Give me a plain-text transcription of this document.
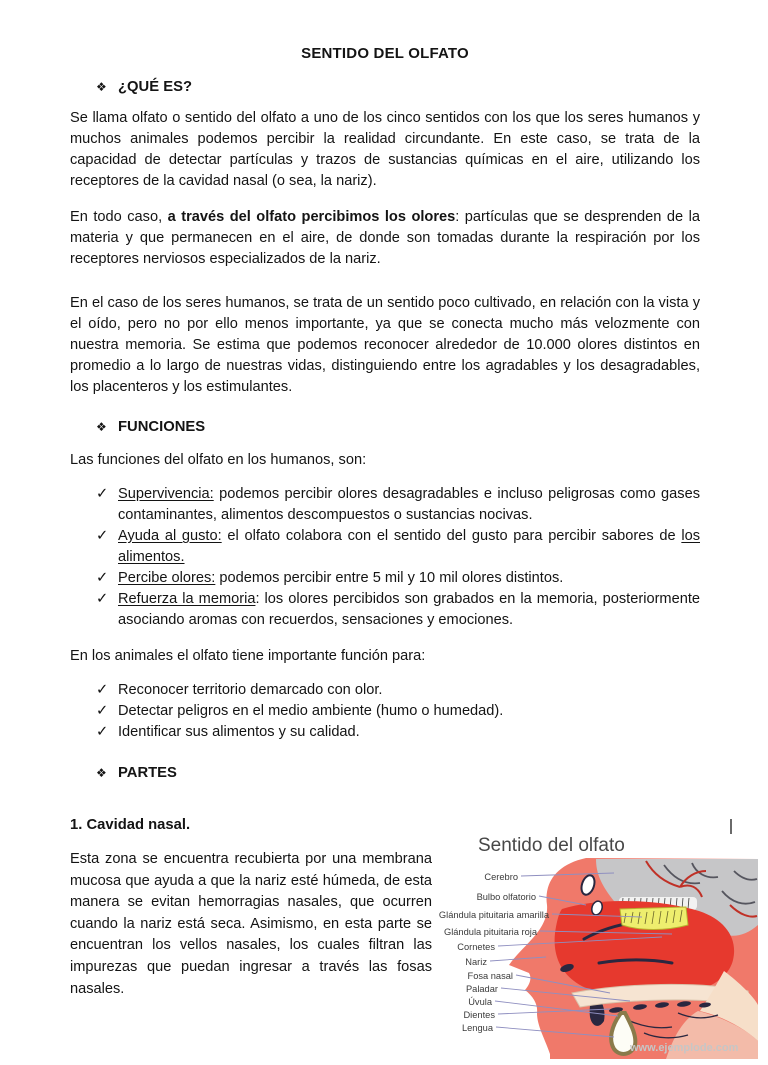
SENTIDO DEL OLFATO
❖ ¿QUÉ ES?

Se llama olfato o sentido del olfato a uno de los cinco sentidos con los que los seres humanos y muchos animales podemos percibir la realidad circundante. En este caso, se trata de la capacidad de detectar partículas y trazos de sustancias químicas en el aire, utilizando los receptores de la cavidad nasal (o sea, la nariz).

En todo caso, a través del olfato percibimos los olores: partículas que se desprenden de la materia y que permanecen en el aire, de donde son tomadas durante la respiración por los receptores nerviosos especializados de la nariz.

En el caso de los seres humanos, se trata de un sentido poco cultivado, en relación con la vista y el oído, pero no por ello menos importante, ya que se conecta mucho más velozmente con nuestra memoria. Se estima que podemos reconocer alrededor de 10.000 olores distintos en promedio a lo largo de nuestras vidas, distinguiendo entre los agradables y los desagradables, los placenteros y los estimulantes.

❖ FUNCIONES

Las funciones del olfato en los humanos, son:

✓ Supervivencia: podemos percibir olores desagradables e incluso peligrosas como gases contaminantes, alimentos descompuestos o sustancias nocivas.
✓ Ayuda al gusto: el olfato colabora con el sentido del gusto para percibir sabores de los alimentos.
✓ Percibe olores: podemos percibir entre 5 mil y 10 mil olores distintos.
✓ Refuerza la memoria: los olores percibidos son grabados en la memoria, posteriormente asociando aromas con recuerdos, sensaciones y emociones.

En los animales el olfato tiene importante función para:

✓ Reconocer territorio demarcado con olor.
✓ Detectar peligros en el medio ambiente (humo o humedad).
✓ Identificar sus alimentos y su calidad.
❖ PARTES
1. Cavidad nasal.

Esta zona se encuentra recubierta por una membrana mucosa que ayuda a que la nariz esté húmeda, de esta manera se evitan hemorragias nasales, que ocurren cuando la nariz está seca. Asimismo, en esta parte se encuentran los vellos nasales, los cuales filtran las impurezas que puedan ingresar a través las fosas nasales.

Sentido del olfato
www.ejemplode.com
Cerebro
Bulbo olfatorio
Glándula pituitaria amarilla
Glándula pituitaria roja
Cornetes
Nariz
Fosa nasal
Paladar
Úvula
Dientes
Lengua
